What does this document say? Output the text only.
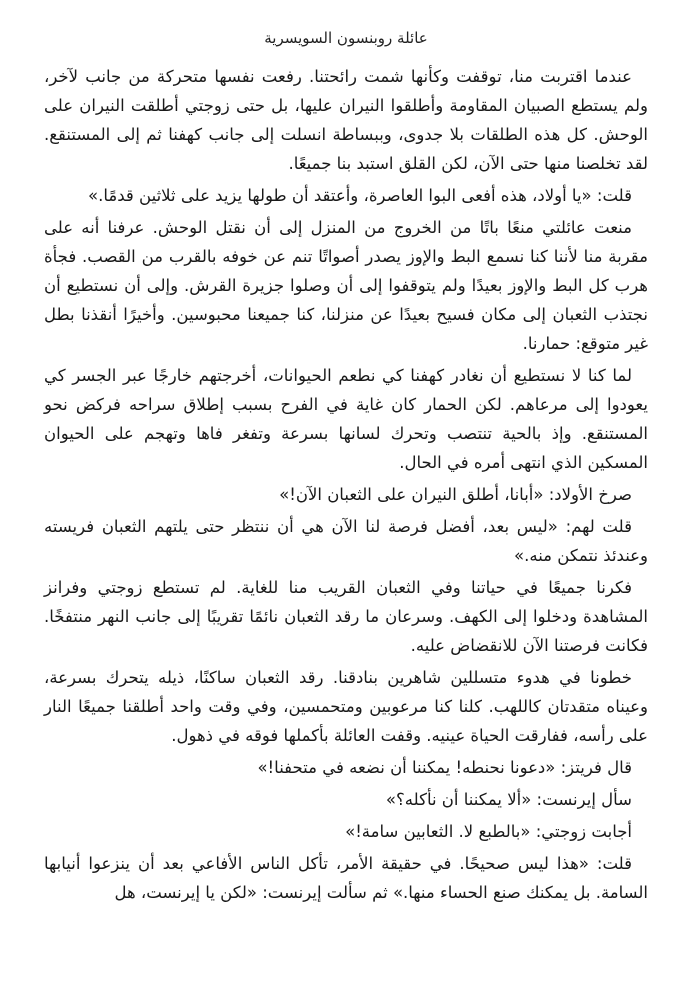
عائلة روبنسون السويسرية

عندما اقتربت منا، توقفت وكأنها شمت رائحتنا. رفعت نفسها متحركة من جانب لآخر، ولم يستطع الصبيان المقاومة وأطلقوا النيران عليها، بل حتى زوجتي أطلقت النيران على الوحش. كل هذه الطلقات بلا جدوى، وببساطة انسلت إلى جانب كهفنا ثم إلى المستنقع. لقد تخلصنا منها حتى الآن، لكن القلق استبد بنا جميعًا.

قلت: «يا أولاد، هذه أفعى البوا العاصرة، وأعتقد أن طولها يزيد على ثلاثين قدمًا.»

منعت عائلتي منعًا باتًا من الخروج من المنزل إلى أن نقتل الوحش. عرفنا أنه على مقربة منا لأننا كنا نسمع البط والإوز يصدر أصواتًا تنم عن خوفه بالقرب من القصب. فجأة هرب كل البط والإوز بعيدًا ولم يتوقفوا إلى أن وصلوا جزيرة القرش. وإلى أن نستطيع أن نجتذب الثعبان إلى مكان فسيح بعيدًا عن منزلنا، كنا جميعنا محبوسين. وأخيرًا أنقذنا بطل غير متوقع: حمارنا.

لما كنا لا نستطيع أن نغادر كهفنا كي نطعم الحيوانات، أخرجتهم خارجًا عبر الجسر كي يعودوا إلى مرعاهم. لكن الحمار كان غاية في الفرح بسبب إطلاق سراحه فركض نحو المستنقع. وإذ بالحية تنتصب وتحرك لسانها بسرعة وتفغر فاها وتهجم على الحيوان المسكين الذي انتهى أمره في الحال.

صرخ الأولاد: «أبانا، أطلق النيران على الثعبان الآن!»

قلت لهم: «ليس بعد، أفضل فرصة لنا الآن هي أن ننتظر حتى يلتهم الثعبان فريسته وعندئذ نتمكن منه.»

فكرنا جميعًا في حياتنا وفي الثعبان القريب منا للغاية. لم تستطع زوجتي وفرانز المشاهدة ودخلوا إلى الكهف. وسرعان ما رقد الثعبان نائمًا تقريبًا إلى جانب النهر منتفخًا. فكانت فرصتنا الآن للانقضاض عليه.

خطونا في هدوء متسللين شاهرين بنادقنا. رقد الثعبان ساكنًا، ذيله يتحرك بسرعة، وعيناه متقدتان كاللهب. كلنا كنا مرعوبين ومتحمسين، وفي وقت واحد أطلقنا جميعًا النار على رأسه، ففارقت الحياة عينيه. وقفت العائلة بأكملها فوقه في ذهول.

قال فريتز: «دعونا نحنطه! يمكننا أن نضعه في متحفنا!»

سأل إيرنست: «ألا يمكننا أن نأكله؟»

أجابت زوجتي: «بالطبع لا. الثعابين سامة!»

قلت: «هذا ليس صحيحًا. في حقيقة الأمر، تأكل الناس الأفاعي بعد أن ينزعوا أنيابها السامة. بل يمكنك صنع الحساء منها.» ثم سألت إيرنست: «لكن يا إيرنست، هل
